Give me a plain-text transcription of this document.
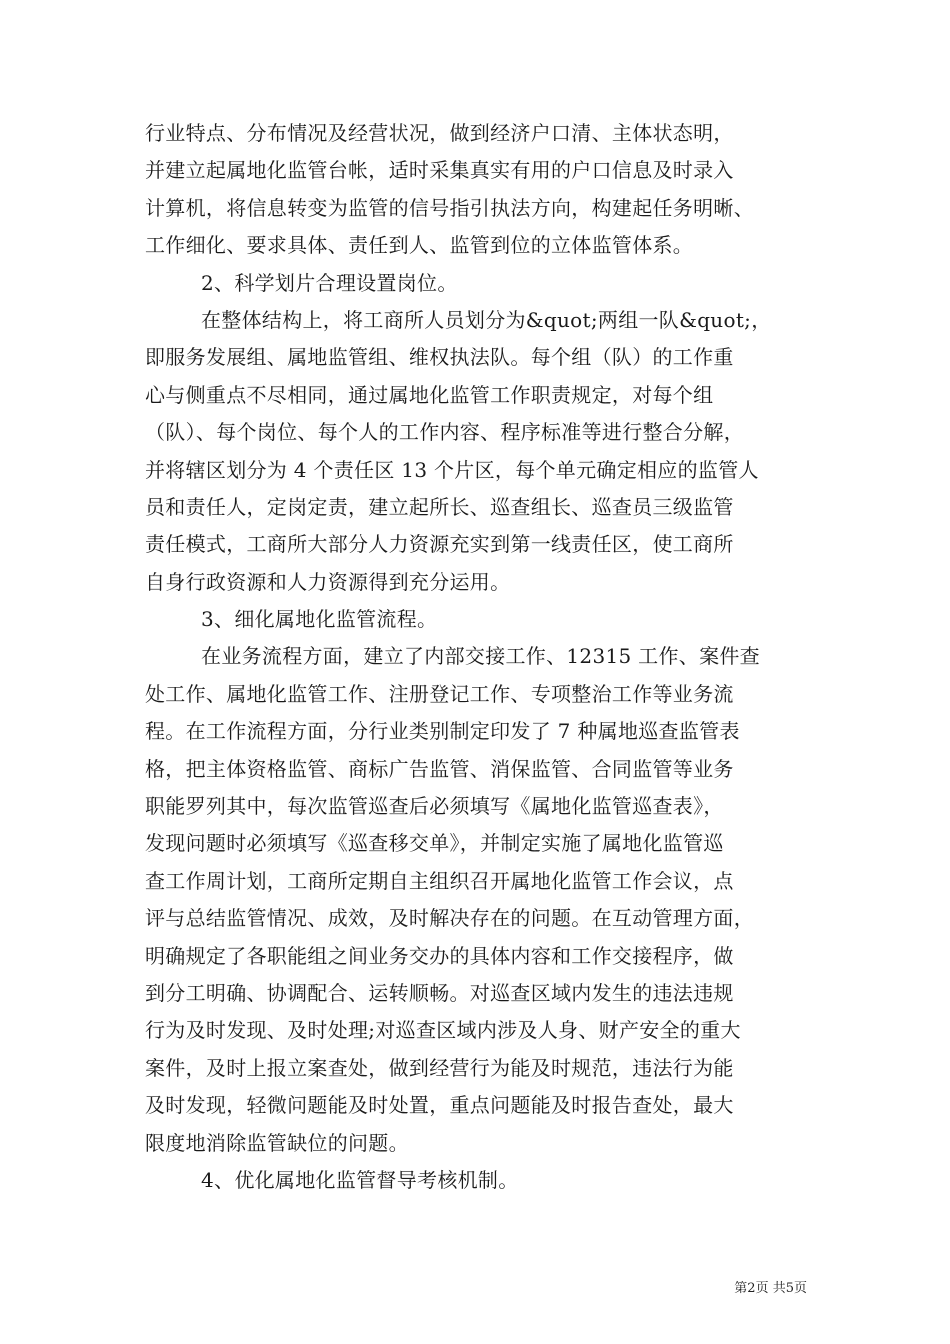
行业特点、分布情况及经营状况，做到经济户口清、主体状态明，
并建立起属地化监管台帐，适时采集真实有用的户口信息及时录入
计算机，将信息转变为监管的信号指引执法方向，构建起任务明晰、
工作细化、要求具体、责任到人、监管到位的立体监管体系。
2、科学划片合理设置岗位。
在整体结构上，将工商所人员划分为&quot;两组一队&quot;，
即服务发展组、属地监管组、维权执法队。每个组（队）的工作重
心与侧重点不尽相同，通过属地化监管工作职责规定，对每个组
（队）、每个岗位、每个人的工作内容、程序标准等进行整合分解，
并将辖区划分为 4 个责任区 13 个片区，每个单元确定相应的监管人
员和责任人，定岗定责，建立起所长、巡查组长、巡查员三级监管
责任模式，工商所大部分人力资源充实到第一线责任区，使工商所
自身行政资源和人力资源得到充分运用。
3、细化属地化监管流程。
在业务流程方面，建立了内部交接工作、12315 工作、案件查
处工作、属地化监管工作、注册登记工作、专项整治工作等业务流
程。在工作流程方面，分行业类别制定印发了 7 种属地巡查监管表
格，把主体资格监管、商标广告监管、消保监管、合同监管等业务
职能罗列其中，每次监管巡查后必须填写《属地化监管巡查表》，
发现问题时必须填写《巡查移交单》，并制定实施了属地化监管巡
查工作周计划，工商所定期自主组织召开属地化监管工作会议，点
评与总结监管情况、成效，及时解决存在的问题。在互动管理方面，
明确规定了各职能组之间业务交办的具体内容和工作交接程序，做
到分工明确、协调配合、运转顺畅。对巡查区域内发生的违法违规
行为及时发现、及时处理;对巡查区域内涉及人身、财产安全的重大
案件，及时上报立案查处，做到经营行为能及时规范，违法行为能
及时发现，轻微问题能及时处置，重点问题能及时报告查处，最大
限度地消除监管缺位的问题。
4、优化属地化监管督导考核机制。
第2页 共5页
